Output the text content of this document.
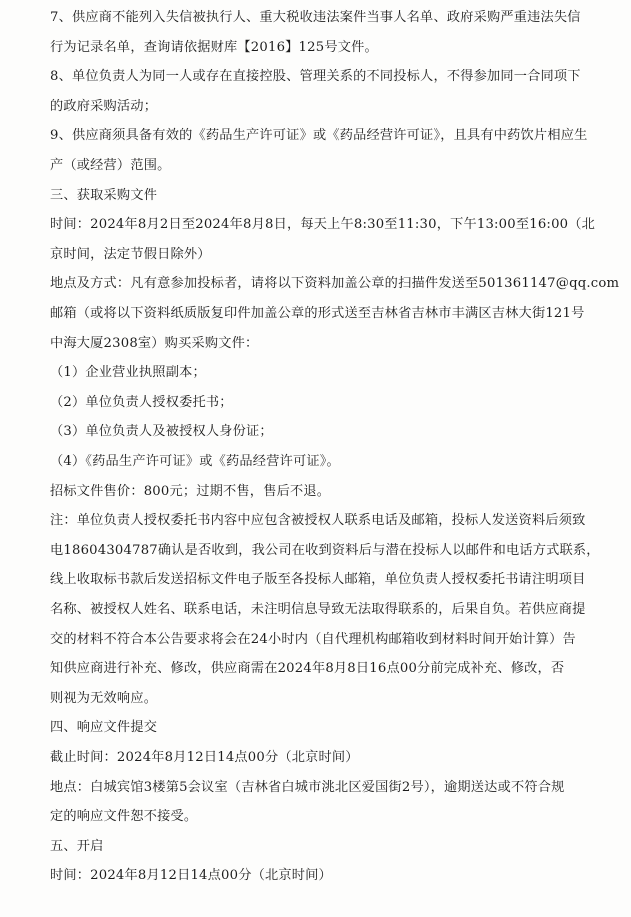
7、供应商不能列入失信被执行人、重大税收违法案件当事人名单、政府采购严重违法失信
行为记录名单，查询请依据财库【2016】125号文件。
8、单位负责人为同一人或存在直接控股、管理关系的不同投标人，不得参加同一合同项下
的政府采购活动；
9、供应商须具备有效的《药品生产许可证》或《药品经营许可证》，且具有中药饮片相应生
产（或经营）范围。
三、获取采购文件
时间：2024年8月2日至2024年8月8日，每天上午8:30至11:30，下午13:00至16:00（北
京时间，法定节假日除外）
地点及方式：凡有意参加投标者，请将以下资料加盖公章的扫描件发送至501361147@qq.com
邮箱（或将以下资料纸质版复印件加盖公章的形式送至吉林省吉林市丰满区吉林大街121号
中海大厦2308室）购买采购文件：
（1）企业营业执照副本；
（2）单位负责人授权委托书；
（3）单位负责人及被授权人身份证；
（4）《药品生产许可证》或《药品经营许可证》。
招标文件售价：800元；过期不售，售后不退。
注：单位负责人授权委托书内容中应包含被授权人联系电话及邮箱，投标人发送资料后须致
电18604304787确认是否收到，我公司在收到资料后与潜在投标人以邮件和电话方式联系，
线上收取标书款后发送招标文件电子版至各投标人邮箱，单位负责人授权委托书请注明项目
名称、被授权人姓名、联系电话，未注明信息导致无法取得联系的，后果自负。若供应商提
交的材料不符合本公告要求将会在24小时内（自代理机构邮箱收到材料时间开始计算）告
知供应商进行补充、修改，供应商需在2024年8月8日16点00分前完成补充、修改，否
则视为无效响应。
四、响应文件提交
截止时间：2024年8月12日14点00分（北京时间）
地点：白城宾馆3楼第5会议室（吉林省白城市洮北区爱国街2号），逾期送达或不符合规
定的响应文件恕不接受。
五、开启
时间：2024年8月12日14点00分（北京时间）
